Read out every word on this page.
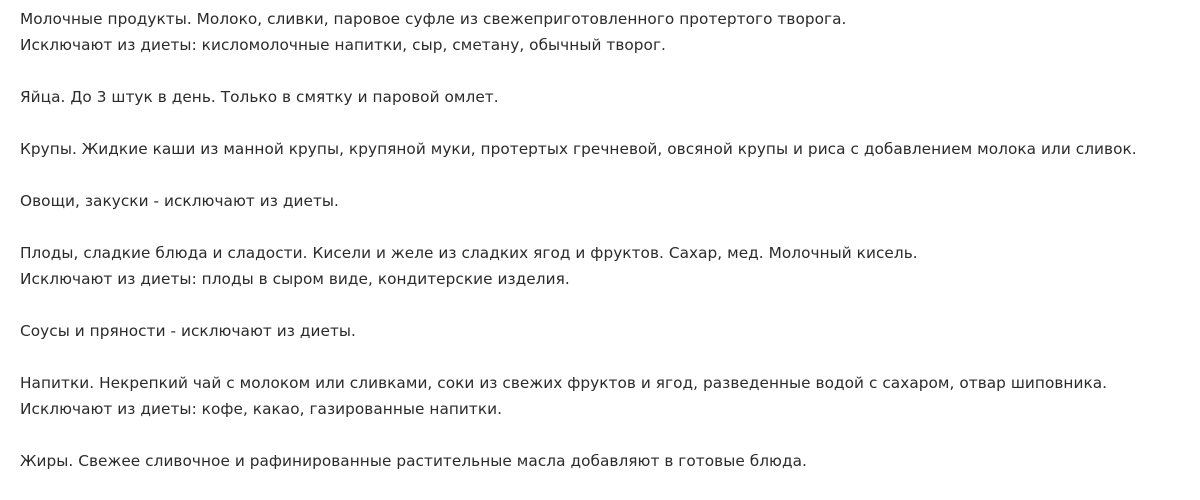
Молочные продукты. Молоко, сливки, паровое суфле из свежеприготовленного протертого творога.
Исключают из диеты: кисломолочные напитки, сыр, сметану, обычный творог.

Яйца. До 3 штук в день. Только в смятку и паровой омлет.

Крупы. Жидкие каши из манной крупы, крупяной муки, протертых гречневой, овсяной крупы и риса с добавлением молока или сливок.

Овощи, закуски - исключают из диеты.

Плоды, сладкие блюда и сладости. Кисели и желе из сладких ягод и фруктов. Сахар, мед. Молочный кисель.
Исключают из диеты: плоды в сыром виде, кондитерские изделия.

Соусы и пряности - исключают из диеты.

Напитки. Некрепкий чай с молоком или сливками, соки из свежих фруктов и ягод, разведенные водой с сахаром, отвар шиповника.
Исключают из диеты: кофе, какао, газированные напитки.

Жиры. Свежее сливочное и рафинированные растительные масла добавляют в готовые блюда.
